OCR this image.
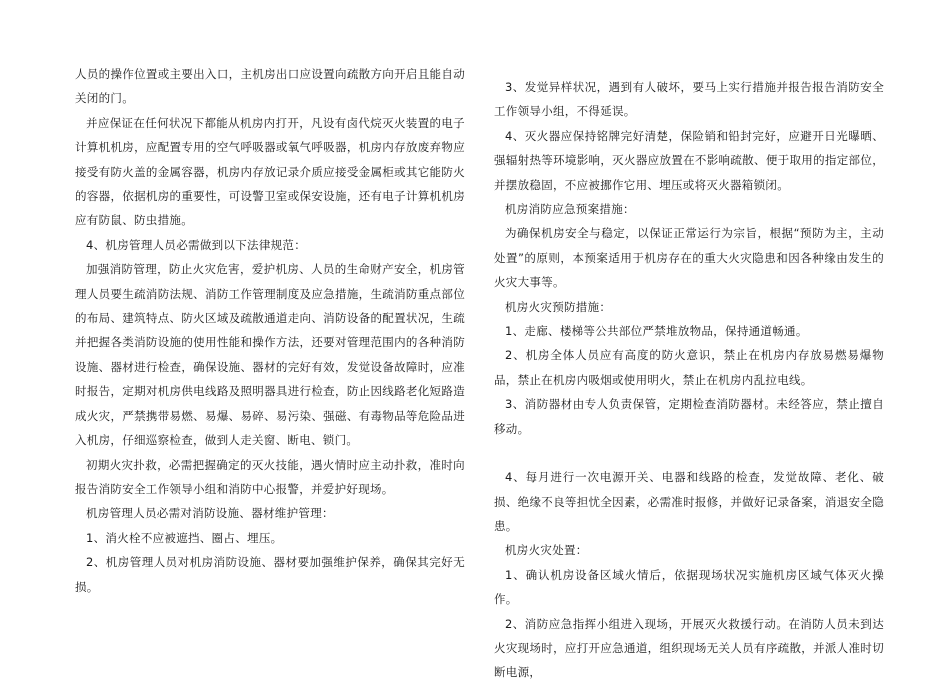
人员的操作位置或主要出入口，主机房出口应设置向疏散方向开启且能自动关闭的门。

并应保证在任何状况下都能从机房内打开，凡设有卤代烷灭火装置的电子计算机机房，应配置专用的空气呼吸器或氧气呼吸器，机房内存放废弃物应接受有防火盖的金属容器，机房内存放记录介质应接受金属柜或其它能防火的容器，依据机房的重要性，可设警卫室或保安设施，还有电子计算机机房应有防鼠、防虫措施。

4、机房管理人员必需做到以下法律规范：

加强消防管理，防止火灾危害，爱护机房、人员的生命财产安全，机房管理人员要生疏消防法规、消防工作管理制度及应急措施，生疏消防重点部位的布局、建筑特点、防火区域及疏散通道走向、消防设备的配置状况，生疏并把握各类消防设施的使用性能和操作方法，还要对管理范围内的各种消防设施、器材进行检查，确保设施、器材的完好有效，发觉设备故障时，应准时报告，定期对机房供电线路及照明器具进行检查，防止因线路老化短路造成火灾，严禁携带易燃、易爆、易碎、易污染、强磁、有毒物品等危险品进入机房，仔细巡察检查，做到人走关窗、断电、锁门。

初期火灾扑救，必需把握确定的灭火技能，遇火情时应主动扑救，准时向报告消防安全工作领导小组和消防中心报警，并爱护好现场。

机房管理人员必需对消防设施、器材维护管理：

1、消火栓不应被遮挡、圈占、埋压。

2、机房管理人员对机房消防设施、器材要加强维护保养，确保其完好无损。

3、发觉异样状况，遇到有人破坏，要马上实行措施并报告报告消防安全工作领导小组，不得延误。

4、灭火器应保持铭牌完好清楚，保险销和铅封完好，应避开日光曝晒、强辐射热等环境影响，灭火器应放置在不影响疏散、便于取用的指定部位，并摆放稳固，不应被挪作它用、埋压或将灭火器箱锁闭。

机房消防应急预案措施：

为确保机房安全与稳定，以保证正常运行为宗旨，根据“预防为主，主动处置”的原则，本预案适用于机房存在的重大火灾隐患和因各种缘由发生的火灾大事等。

机房火灾预防措施：

1、走廊、楼梯等公共部位严禁堆放物品，保持通道畅通。

2、机房全体人员应有高度的防火意识，禁止在机房内存放易燃易爆物品，禁止在机房内吸烟或使用明火，禁止在机房内乱拉电线。

3、消防器材由专人负责保管，定期检查消防器材。未经答应，禁止擅自移动。

4、每月进行一次电源开关、电器和线路的检查，发觉故障、老化、破损、绝缘不良等担忧全因素，必需准时报修，并做好记录备案，消退安全隐患。

机房火灾处置：

1、确认机房设备区域火情后，依据现场状况实施机房区域气体灭火操作。

2、消防应急指挥小组进入现场，开展灭火救援行动。在消防人员未到达火灾现场时，应打开应急通道，组织现场无关人员有序疏散，并派人准时切断电源，
